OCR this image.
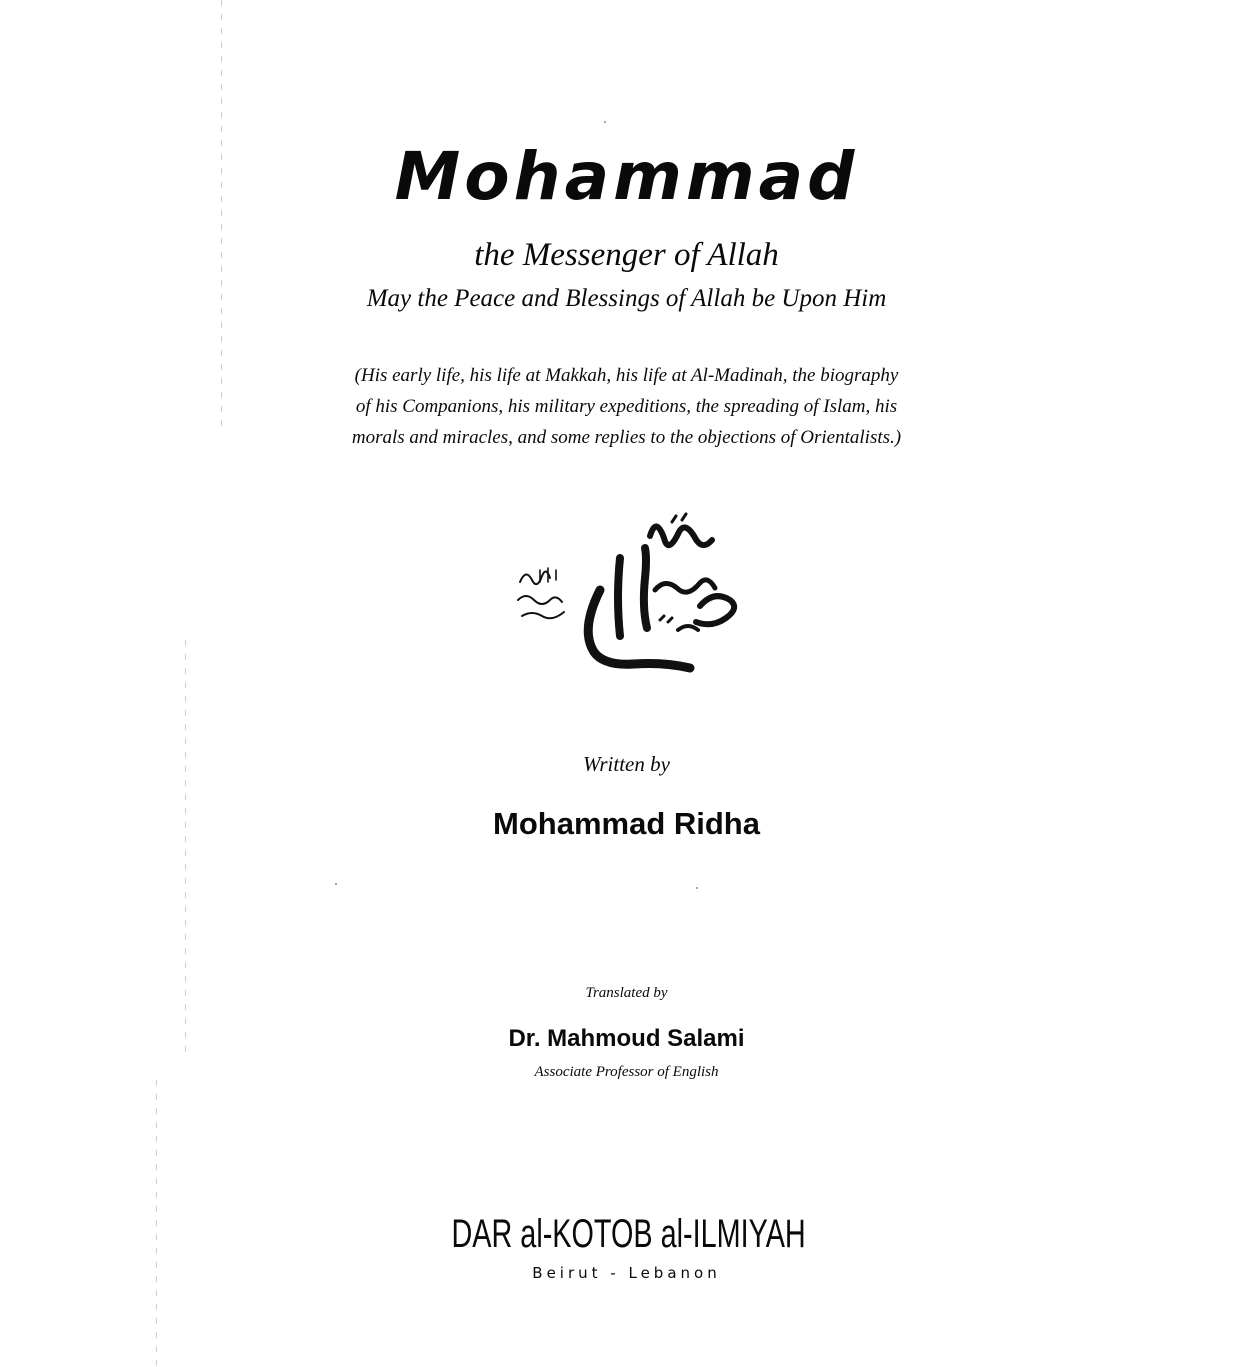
Mohammad
the Messenger of Allah
May the Peace and Blessings of Allah be Upon Him
(His early life, his life at Makkah, his life at Al-Madinah, the biography
of his Companions, his military expeditions, the spreading of Islam, his
morals and miracles, and some replies to the objections of Orientalists.)
Written by
Mohammad Ridha
Translated by
Dr. Mahmoud Salami
Associate Professor of English
DAR al-KOTOB al-ILMIYAH
Beirut - Lebanon
